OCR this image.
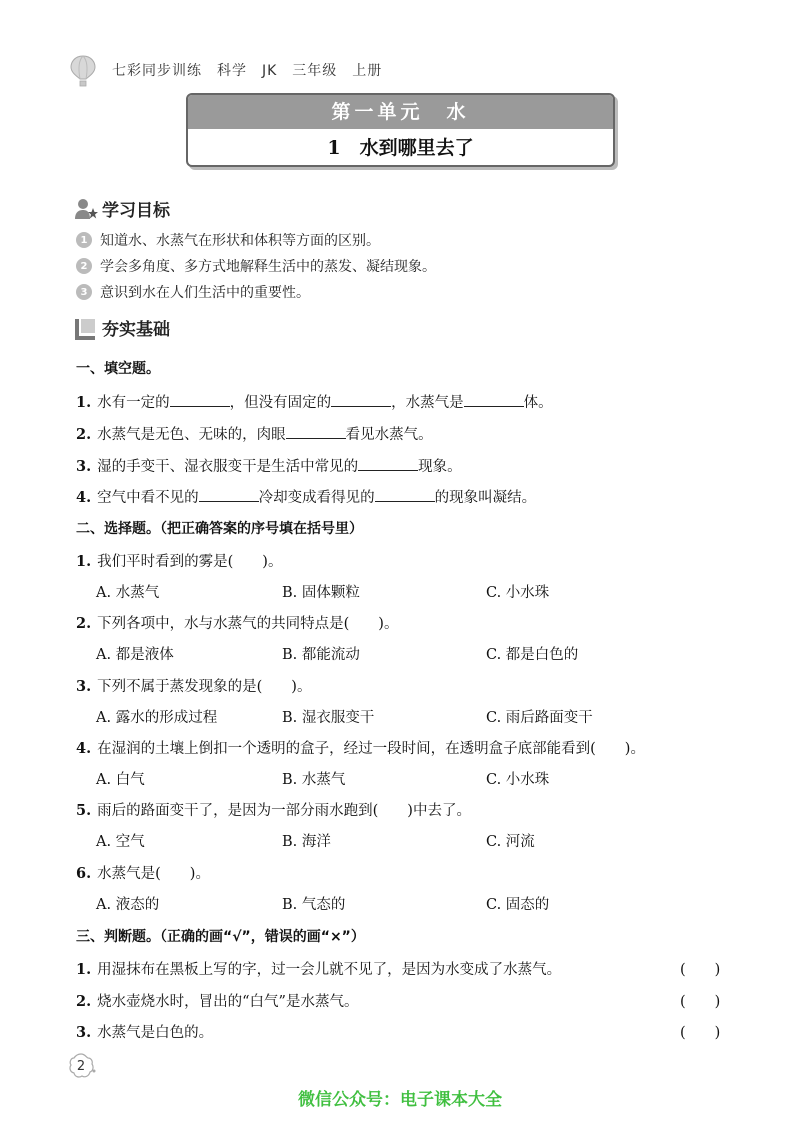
七彩同步训练　科学　JK　三年级　上册
第一单元　水
1　水到哪里去了
学习目标
1 知道水、水蒸气在形状和体积等方面的区别。
2 学会多角度、多方式地解释生活中的蒸发、凝结现象。
3 意识到水在人们生活中的重要性。
夯实基础
一、填空题。
1. 水有一定的	，但没有固定的	，水蒸气是	体。
2. 水蒸气是无色、无味的，肉眼	看见水蒸气。
3. 湿的手变干、湿衣服变干是生活中常见的	现象。
4. 空气中看不见的	冷却变成看得见的	的现象叫凝结。
二、选择题。（把正确答案的序号填在括号里）
1. 我们平时看到的雾是(　　)。
A. 水蒸气	B. 固体颗粒	C. 小水珠
2. 下列各项中，水与水蒸气的共同特点是(　　)。
A. 都是液体	B. 都能流动	C. 都是白色的
3. 下列不属于蒸发现象的是(　　)。
A. 露水的形成过程	B. 湿衣服变干	C. 雨后路面变干
4. 在湿润的土壤上倒扣一个透明的盒子，经过一段时间，在透明盒子底部能看到(　　)。
A. 白气	B. 水蒸气	C. 小水珠
5. 雨后的路面变干了，是因为一部分雨水跑到(　　)中去了。
A. 空气	B. 海洋	C. 河流
6. 水蒸气是(　　)。
A. 液态的	B. 气态的	C. 固态的
三、判断题。（正确的画“√”，错误的画“×”）
1. 用湿抹布在黑板上写的字，过一会儿就不见了，是因为水变成了水蒸气。	(　　)
2. 烧水壶烧水时，冒出的“白气”是水蒸气。	(　　)
3. 水蒸气是白色的。	(　　)
2
微信公众号：电子课本大全
